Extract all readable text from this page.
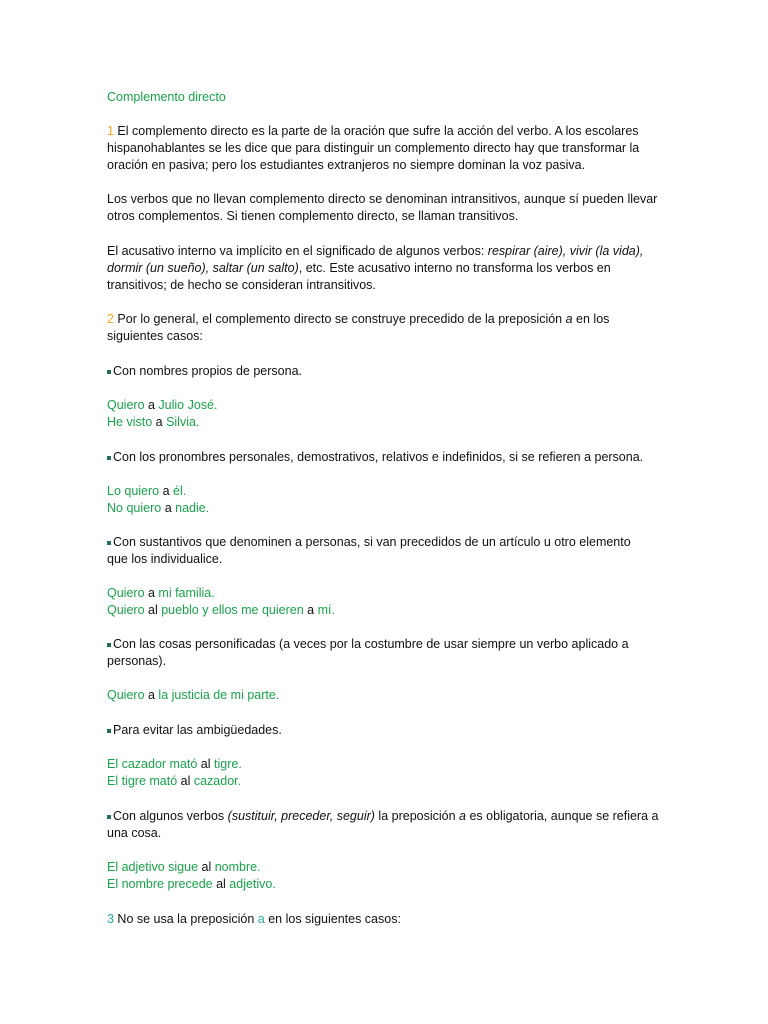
Complemento directo
1 El complemento directo es la parte de la oración que sufre la acción del verbo. A los escolares hispanohablantes se les dice que para distinguir un complemento directo hay que transformar la oración en pasiva; pero los estudiantes extranjeros no siempre dominan la voz pasiva.
Los verbos que no llevan complemento directo se denominan intransitivos, aunque sí pueden llevar otros complementos. Si tienen complemento directo, se llaman transitivos.
El acusativo interno va implícito en el significado de algunos verbos: respirar (aire), vivir (la vida), dormir (un sueño), saltar (un salto), etc. Este acusativo interno no transforma los verbos en transitivos; de hecho se consideran intransitivos.
2 Por lo general, el complemento directo se construye precedido de la preposición a en los siguientes casos:
Con nombres propios de persona.
Quiero a Julio José.
He visto a Silvia.
Con los pronombres personales, demostrativos, relativos e indefinidos, si se refieren a persona.
Lo quiero a él.
No quiero a nadie.
Con sustantivos que denominen a personas, si van precedidos de un artículo u otro elemento que los individualice.
Quiero a mi familia.
Quiero al pueblo y ellos me quieren a mí.
Con las cosas personificadas (a veces por la costumbre de usar siempre un verbo aplicado a personas).
Quiero a la justicia de mi parte.
Para evitar las ambigüedades.
El cazador mató al tigre.
El tigre mató al cazador.
Con algunos verbos (sustituir, preceder, seguir) la preposición a es obligatoria, aunque se refiera a una cosa.
El adjetivo sigue al nombre.
El nombre precede al adjetivo.
3 No se usa la preposición a en los siguientes casos:
